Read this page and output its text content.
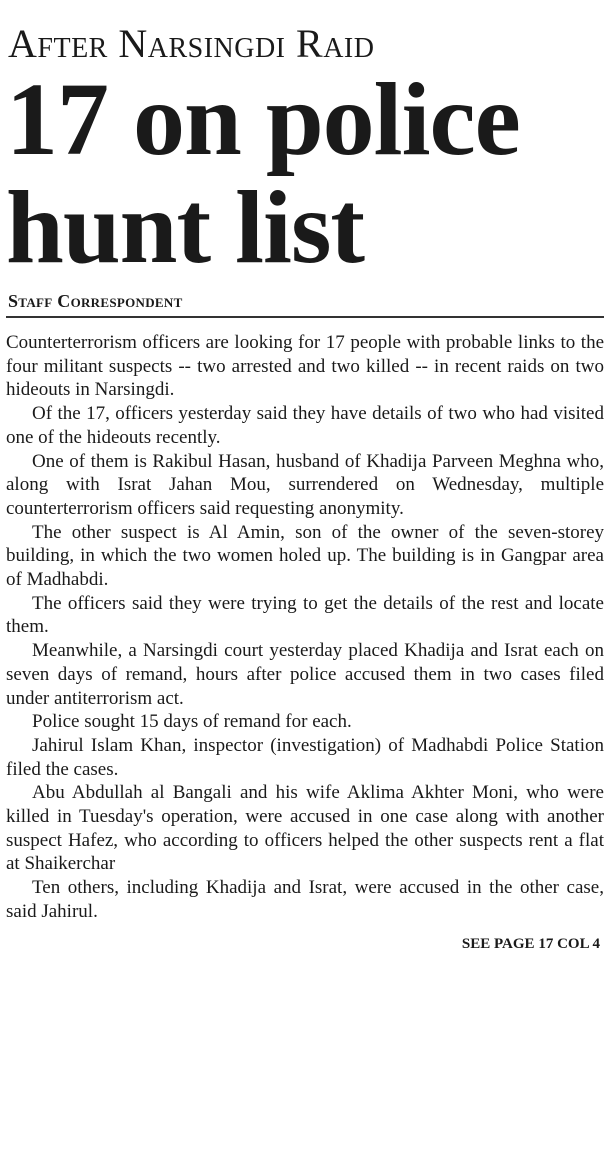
After Narsingdi Raid
17 on police
hunt list
Staff Correspondent

Counterterrorism officers are looking for 17 people with probable links to the four militant suspects -- two arrested and two killed -- in recent raids on two hideouts in Narsingdi.

Of the 17, officers yesterday said they have details of two who had visited one of the hideouts recently.

One of them is Rakibul Hasan, husband of Khadija Parveen Meghna who, along with Israt Jahan Mou, surrendered on Wednesday, multiple counterterrorism officers said requesting anonymity.

The other suspect is Al Amin, son of the owner of the seven-storey building, in which the two women holed up. The building is in Gangpar area of Madhabdi.

The officers said they were trying to get the details of the rest and locate them.

Meanwhile, a Narsingdi court yesterday placed Khadija and Israt each on seven days of remand, hours after police accused them in two cases filed under antiterrorism act.

Police sought 15 days of remand for each.

Jahirul Islam Khan, inspector (investigation) of Madhabdi Police Station filed the cases.

Abu Abdullah al Bangali and his wife Aklima Akhter Moni, who were killed in Tuesday's operation, were accused in one case along with another suspect Hafez, who according to officers helped the other suspects rent a flat at Shaikerchar

Ten others, including Khadija and Israt, were accused in the other case, said Jahirul.

SEE PAGE 17 COL 4
